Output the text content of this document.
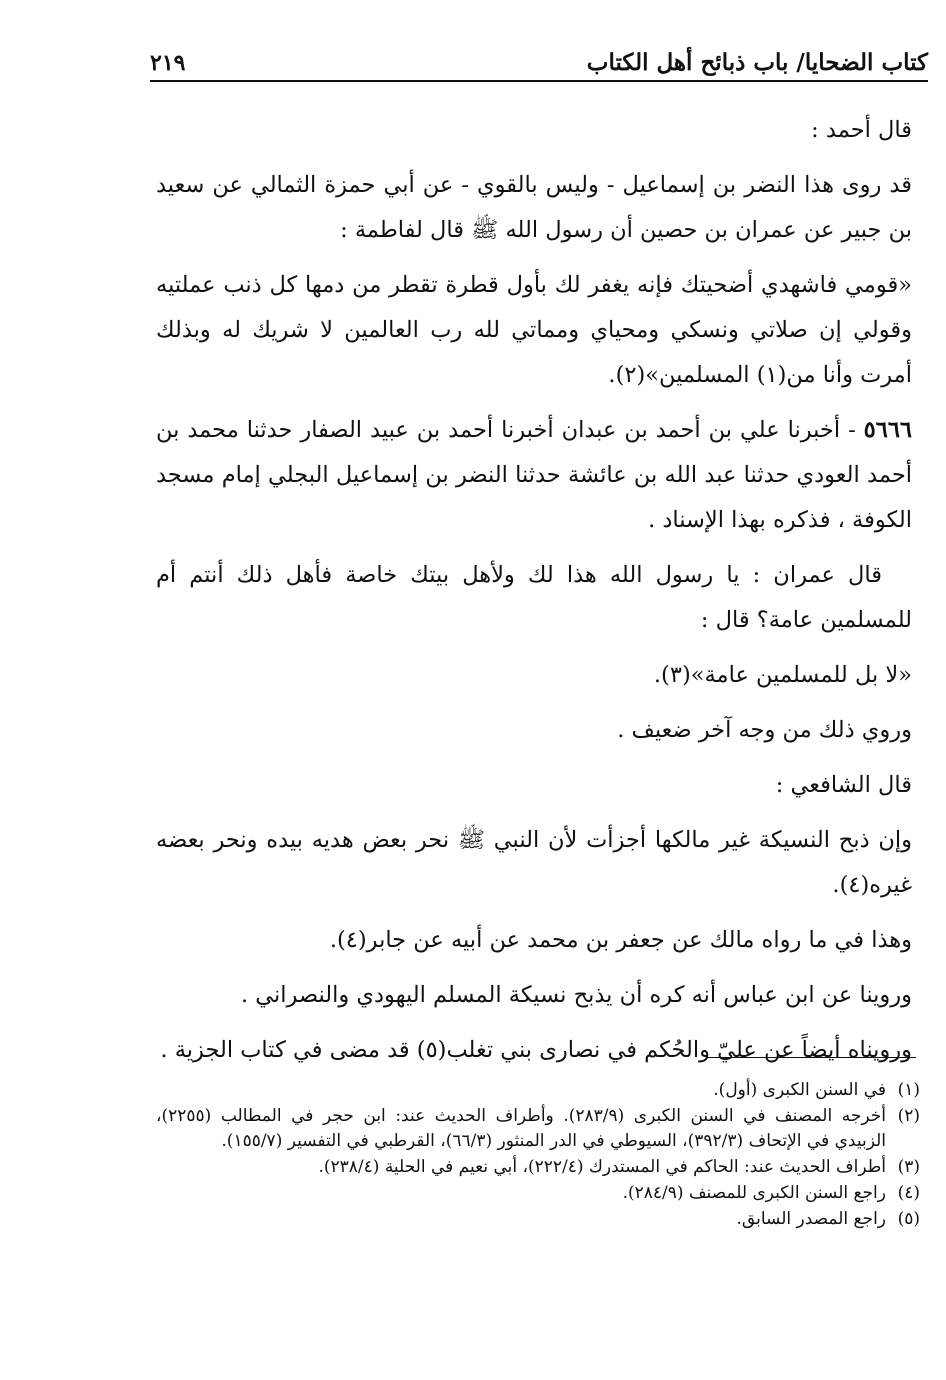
كتاب الضحايا/ باب ذبائح أهل الكتاب
٢١٩

قال أحمد :

قد روى هذا النضر بن إسماعيل - وليس بالقوي - عن أبي حمزة الثمالي عن سعيد بن جبير عن عمران بن حصين أن رسول الله ﷺ قال لفاطمة :

«قومي فاشهدي أضحيتك فإنه يغفر لك بأول قطرة تقطر من دمها كل ذنب عملتيه وقولي إن صلاتي ونسكي ومحياي ومماتي لله رب العالمين لا شريك له وبذلك أمرت وأنا من(١) المسلمين»(٢).

٥٦٦٦ - أخبرنا علي بن أحمد بن عبدان أخبرنا أحمد بن عبيد الصفار حدثنا محمد بن أحمد العودي حدثنا عبد الله بن عائشة حدثنا النضر بن إسماعيل البجلي إمام مسجد الكوفة ، فذكره بهذا الإسناد .

قال عمران : يا رسول الله هذا لك ولأهل بيتك خاصة فأهل ذلك أنتم أم للمسلمين عامة؟ قال :

«لا بل للمسلمين عامة»(٣).

وروي ذلك من وجه آخر ضعيف .

قال الشافعي :

وإن ذبح النسيكة غير مالكها أجزأت لأن النبي ﷺ نحر بعض هديه بيده ونحر بعضه غيره(٤).

وهذا في ما رواه مالك عن جعفر بن محمد عن أبيه عن جابر(٤).

وروينا عن ابن عباس أنه كره أن يذبح نسيكة المسلم اليهودي والنصراني .

ورويناه أيضاً عن عليّ والحُكم في نصارى بني تغلب(٥) قد مضى في كتاب الجزية .

(١)
في السنن الكبرى (أول).
(٢)
أخرجه المصنف في السنن الكبرى (٢٨٣/٩). وأطراف الحديث عند: ابن حجر في المطالب (٢٢٥٥)، الزبيدي في الإتحاف (٣٩٢/٣)، السيوطي في الدر المنثور (٦٦/٣)، القرطبي في التفسير (١٥٥/٧).
(٣)
أطراف الحديث عند: الحاكم في المستدرك (٢٢٢/٤)، أبي نعيم في الحلية (٢٣٨/٤).
(٤)
راجع السنن الكبرى للمصنف (٢٨٤/٩).
(٥)
راجع المصدر السابق.
